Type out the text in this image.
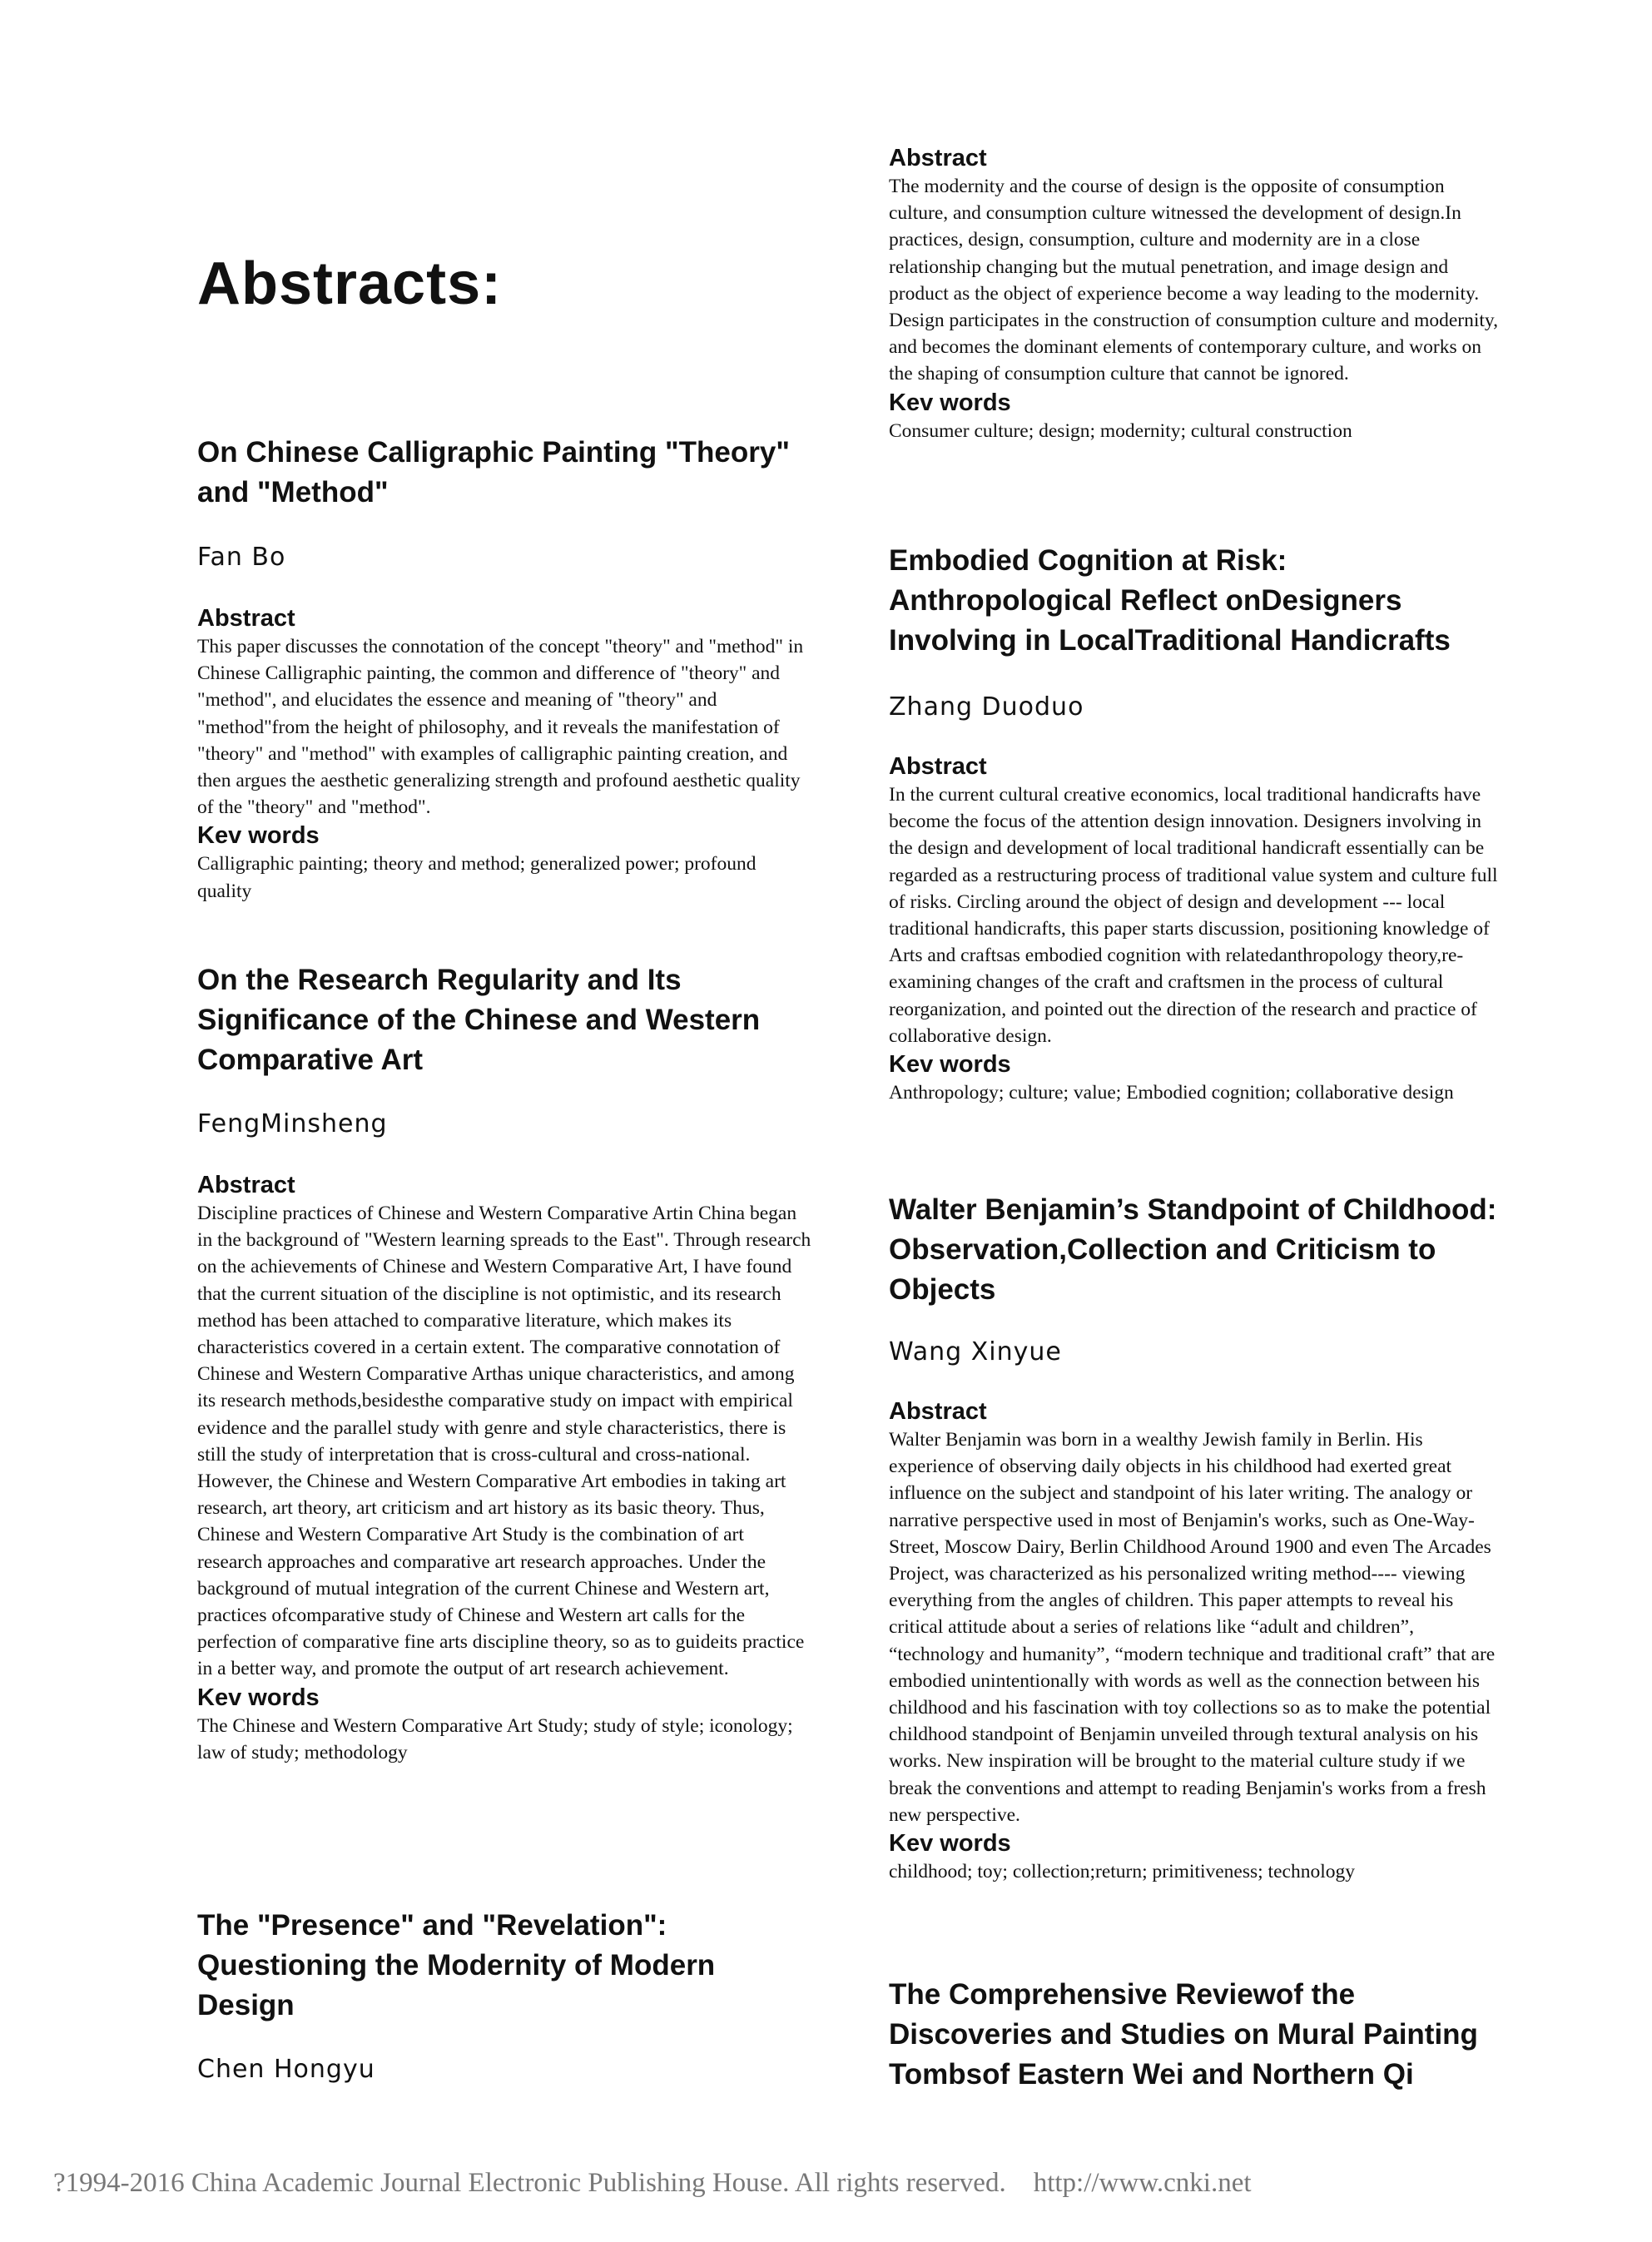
Abstracts:
On Chinese Calligraphic Painting "Theory" and "Method"

Fan Bo

Abstract

This paper discusses the connotation of the concept "theory" and "method" in Chinese Calligraphic painting, the common and difference of "theory" and "method", and elucidates the essence and meaning of "theory" and "method"from the height of philosophy, and it reveals the manifestation of "theory" and "method" with examples of calligraphic painting creation, and then argues the aesthetic generalizing strength and profound aesthetic quality of the "theory" and "method".

Kev words

Calligraphic painting; theory and method; generalized power; profound quality

On the Research Regularity and Its Significance of the Chinese and Western Comparative Art

FengMinsheng

Abstract

Discipline practices of Chinese and Western Comparative Artin China began in the background of "Western learning spreads to the East". Through research on the achievements of Chinese and Western Comparative Art, I have found that the current situation of the discipline is not optimistic, and its research method has been attached to comparative literature, which makes its characteristics covered in a certain extent. The comparative connotation of Chinese and Western Comparative Arthas unique characteristics, and among its research methods,besidesthe comparative study on impact with empirical evidence and the parallel study with genre and style characteristics, there is still the study of interpretation that is cross-cultural and cross-national. However, the Chinese and Western Comparative Art embodies in taking art research, art theory, art criticism and art history as its basic theory. Thus, Chinese and Western Comparative Art Study is the combination of art research approaches and comparative art research approaches. Under the background of mutual integration of the current Chinese and Western art, practices ofcomparative study of Chinese and Western art calls for the perfection of comparative fine arts discipline theory, so as to guideits practice in a better way, and promote the output of art research achievement.

Kev words

The Chinese and Western Comparative Art Study; study of style; iconology; law of study; methodology

The "Presence" and "Revelation": Questioning the Modernity of Modern Design

Chen Hongyu

Abstract

The modernity and the course of design is the opposite of consumption culture, and consumption culture witnessed the development of design.In practices, design, consumption, culture and modernity are in a close relationship changing but the mutual penetration, and image design and product as the object of experience become a way leading to the modernity. Design participates in the construction of consumption culture and modernity, and becomes the dominant elements of contemporary culture, and works on the shaping of consumption culture that cannot be ignored.

Kev words

Consumer culture; design; modernity; cultural construction

Embodied Cognition at Risk: Anthropological Reflect onDesigners Involving in LocalTraditional Handicrafts

Zhang Duoduo

Abstract

In the current cultural creative economics, local traditional handicrafts have become the focus of the attention design innovation. Designers involving in the design and development of local traditional handicraft essentially can be regarded as a restructuring process of traditional value system and culture full of risks. Circling around the object of design and development --- local traditional handicrafts, this paper starts discussion, positioning knowledge of Arts and craftsas embodied cognition with relatedanthropology theory,re-examining changes of the craft and craftsmen in the process of cultural reorganization, and pointed out the direction of the research and practice of collaborative design.

Kev words

Anthropology; culture; value; Embodied cognition; collaborative design

Walter Benjamin’s Standpoint of Childhood: Observation,Collection and Criticism to Objects

Wang Xinyue

Abstract

Walter Benjamin was born in a wealthy Jewish family in Berlin. His experience of observing daily objects in his childhood had exerted great influence on the subject and standpoint of his later writing. The analogy or narrative perspective used in most of Benjamin's works, such as One-Way-Street, Moscow Dairy, Berlin Childhood Around 1900 and even The Arcades Project, was characterized as his personalized writing method---- viewing everything from the angles of children. This paper attempts to reveal his critical attitude about a series of relations like “adult and children”, “technology and humanity”, “modern technique and traditional craft” that are embodied unintentionally with words as well as the connection between his childhood and his fascination with toy collections so as to make the potential childhood standpoint of Benjamin unveiled through textural analysis on his works. New inspiration will be brought to the material culture study if we break the conventions and attempt to reading Benjamin's works from a fresh new perspective.

Kev words

childhood; toy; collection;return; primitiveness; technology

The Comprehensive Reviewof the Discoveries and Studies on Mural Painting Tombsof Eastern Wei and Northern Qi
?1994-2016 China Academic Journal Electronic Publishing House. All rights reserved. http://www.cnki.net
